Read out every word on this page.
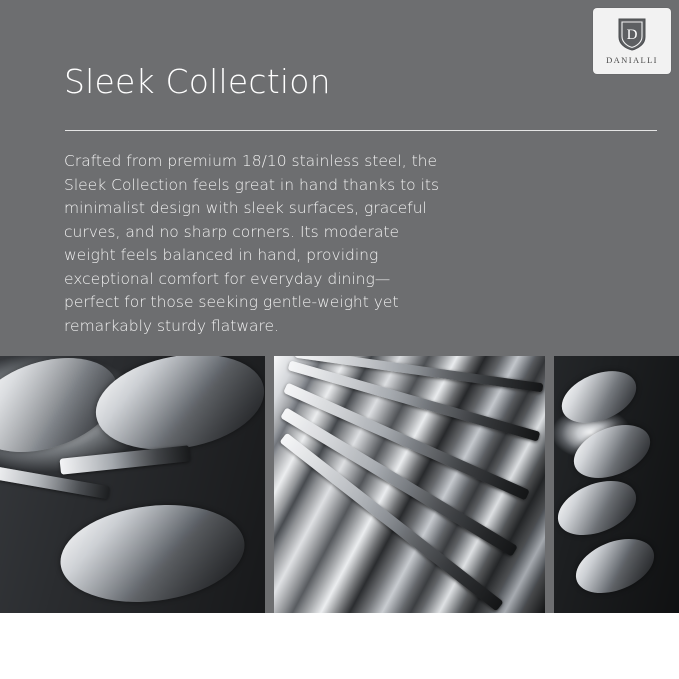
D
DANIALLI
Sleek Collection
Crafted from premium 18/10 stainless steel, the Sleek Collection feels great in hand thanks to its minimalist design with sleek surfaces, graceful curves, and no sharp corners. Its moderate weight feels balanced in hand, providing exceptional comfort for everyday dining—perfect for those seeking gentle-weight yet remarkably sturdy flatware.
